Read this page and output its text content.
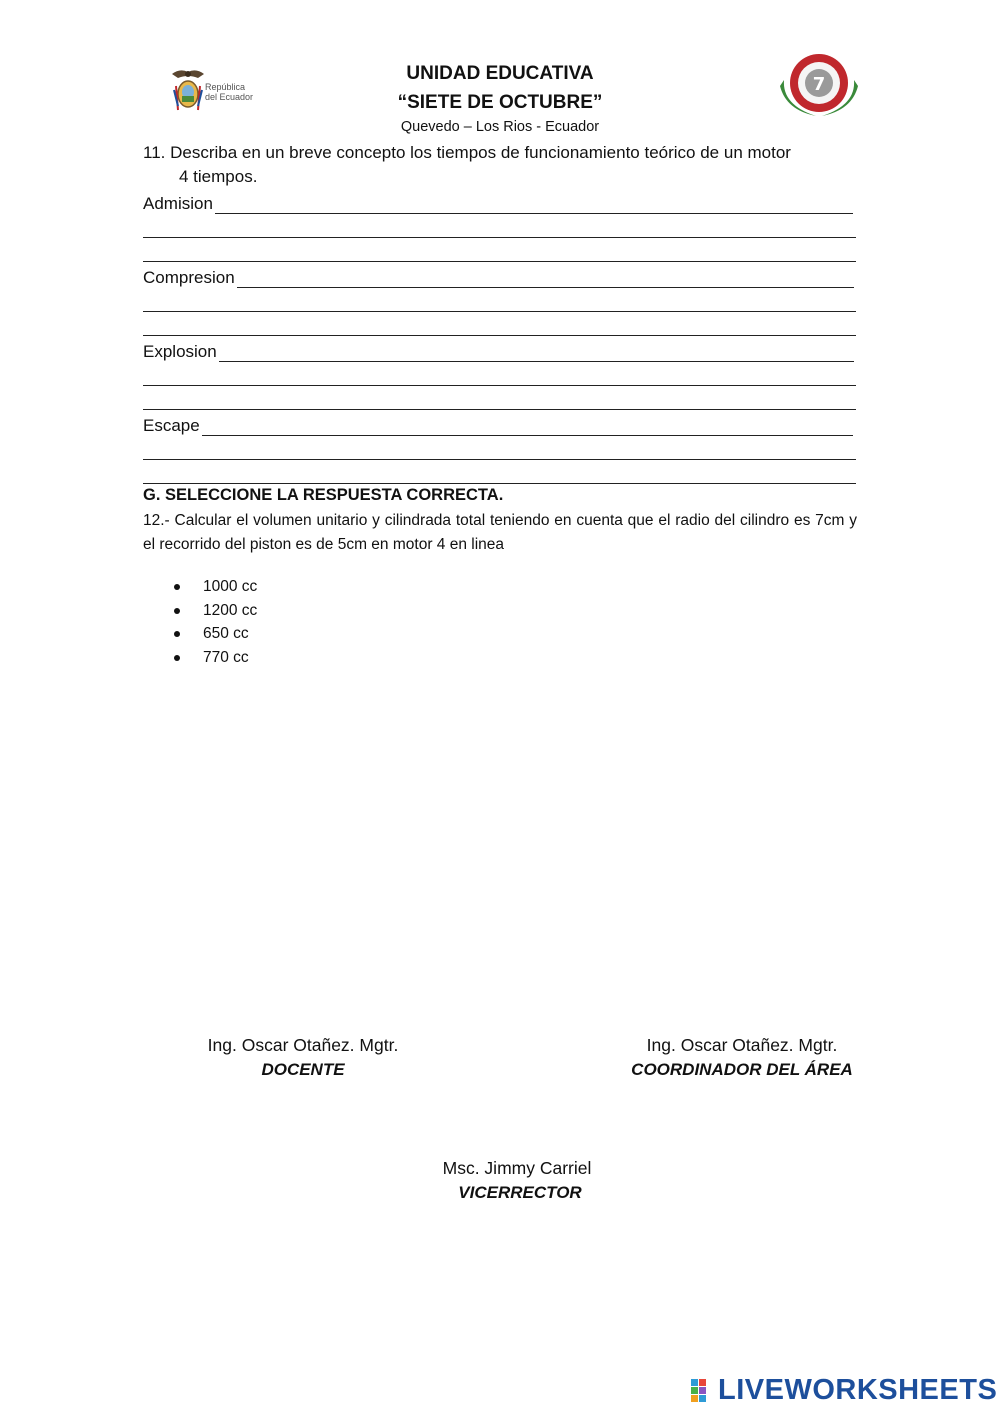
República
del Ecuador
UNIDAD EDUCATIVA
“SIETE DE OCTUBRE”
Quevedo – Los Rios - Ecuador
7
11. Describa en un breve concepto los tiempos de funcionamiento teórico de un motor
4 tiempos.
Admision
Compresion
Explosion
Escape
G. SELECCIONE LA RESPUESTA CORRECTA.
12.- Calcular el volumen unitario y cilindrada total teniendo en cuenta que el radio del cilindro es 7cm y el recorrido del piston es de 5cm en motor 4 en linea
1000 cc
1200 cc
650 cc
770 cc
Ing. Oscar Otañez. Mgtr.
DOCENTE
Ing. Oscar Otañez. Mgtr.
COORDINADOR DEL ÁREA
Msc. Jimmy Carriel
VICERRECTOR
LIVEWORKSHEETS
